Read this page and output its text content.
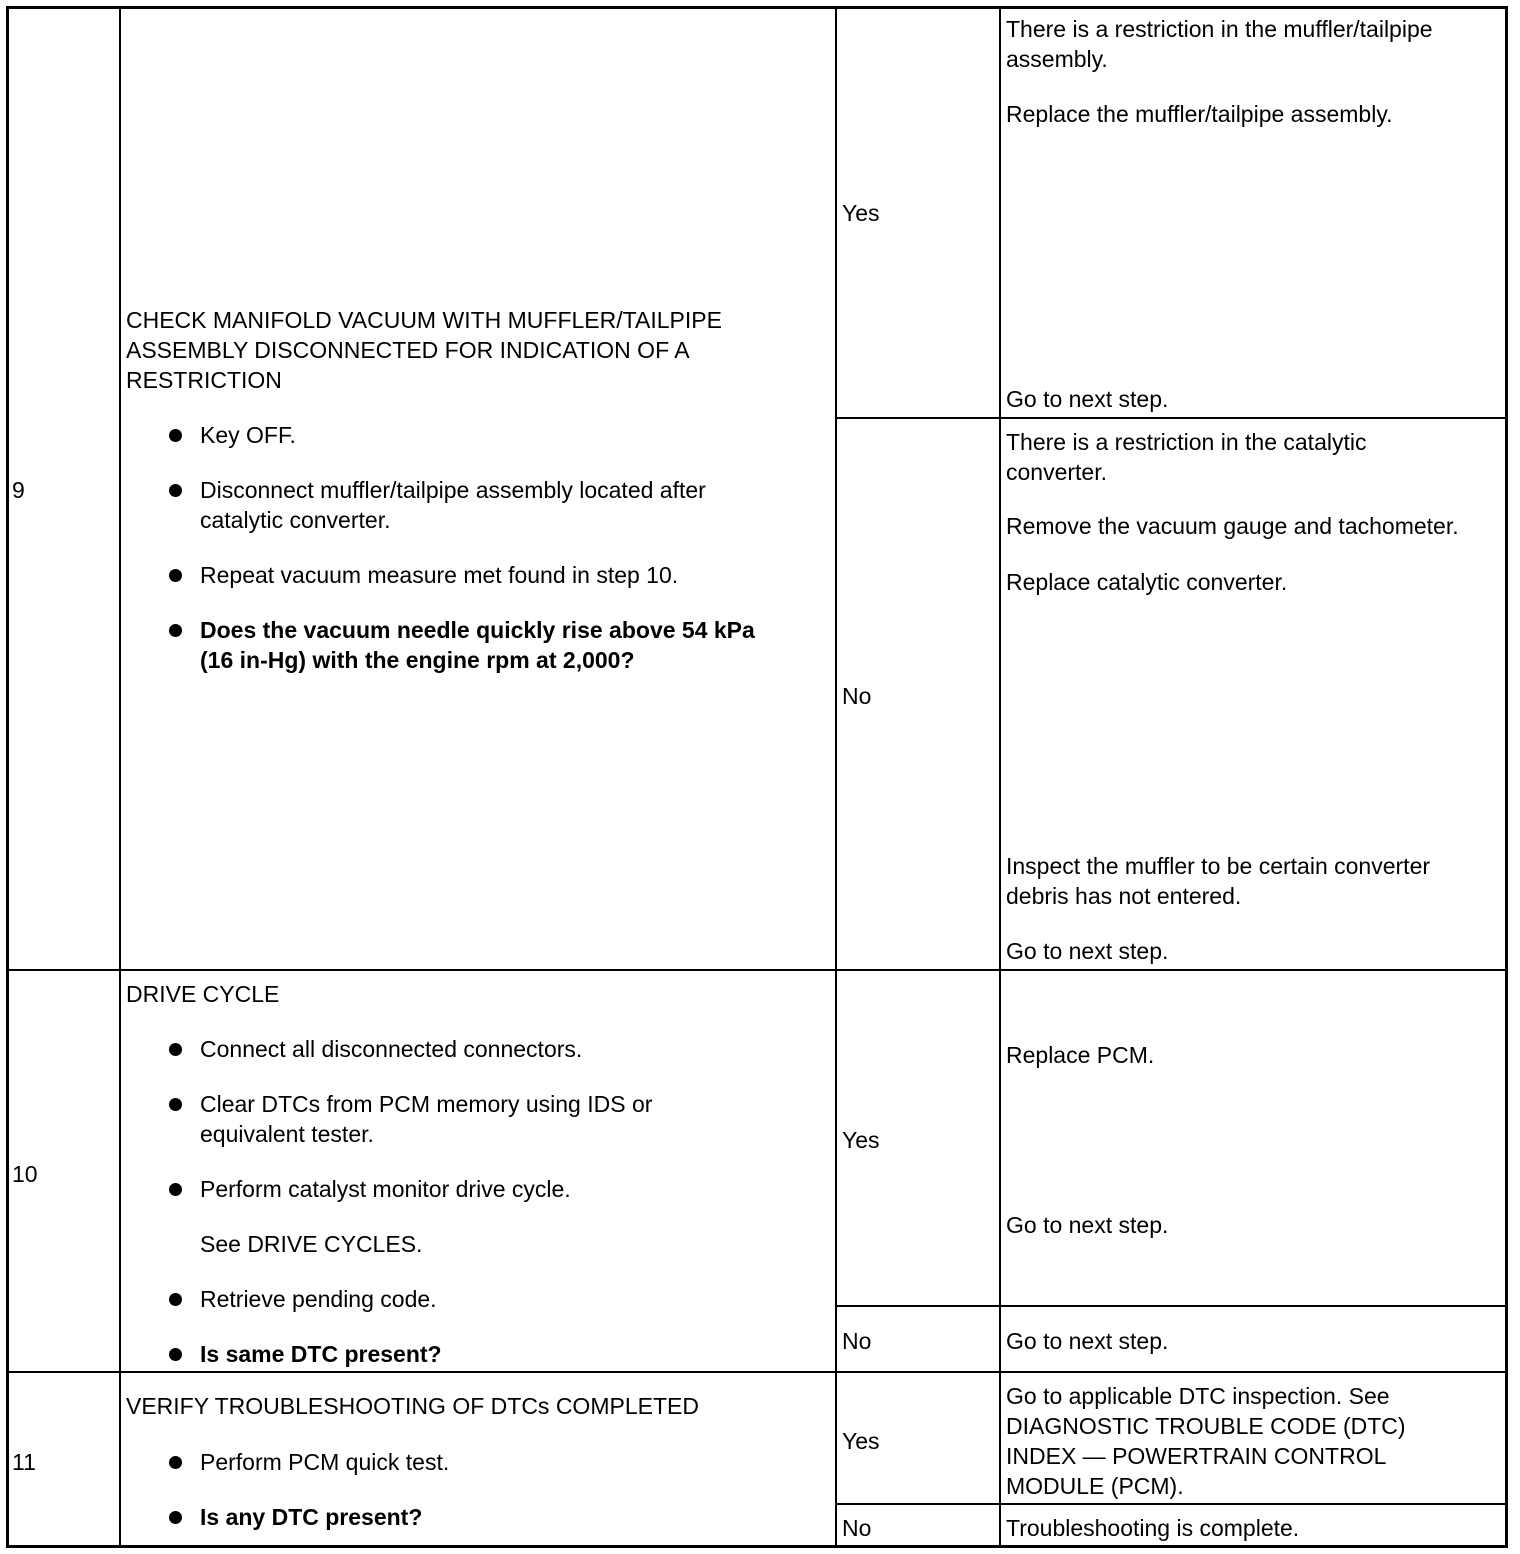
9
CHECK MANIFOLD VACUUM WITH MUFFLER/TAILPIPE
ASSEMBLY DISCONNECTED FOR INDICATION OF A
RESTRICTION
Key OFF.
Disconnect muffler/tailpipe assembly located after
catalytic converter.
Repeat vacuum measure met found in step 10.
Does the vacuum needle quickly rise above 54 kPa
(16 in-Hg) with the engine rpm at 2,000?
Yes
There is a restriction in the muffler/tailpipe
assembly.
Replace the muffler/tailpipe assembly.
Go to next step.
No
There is a restriction in the catalytic
converter.
Remove the vacuum gauge and tachometer.
Replace catalytic converter.
Inspect the muffler to be certain converter
debris has not entered.
Go to next step.
10
DRIVE CYCLE
Connect all disconnected connectors.
Clear DTCs from PCM memory using IDS or
equivalent tester.
Perform catalyst monitor drive cycle.
See DRIVE CYCLES.
Retrieve pending code.
Is same DTC present?
Yes
Replace PCM.
Go to next step.
No	Go to next step.
11
VERIFY TROUBLESHOOTING OF DTCs COMPLETED
Perform PCM quick test.
Is any DTC present?
Yes
Go to applicable DTC inspection. See
DIAGNOSTIC TROUBLE CODE (DTC)
INDEX — POWERTRAIN CONTROL
MODULE (PCM).
No	Troubleshooting is complete.
